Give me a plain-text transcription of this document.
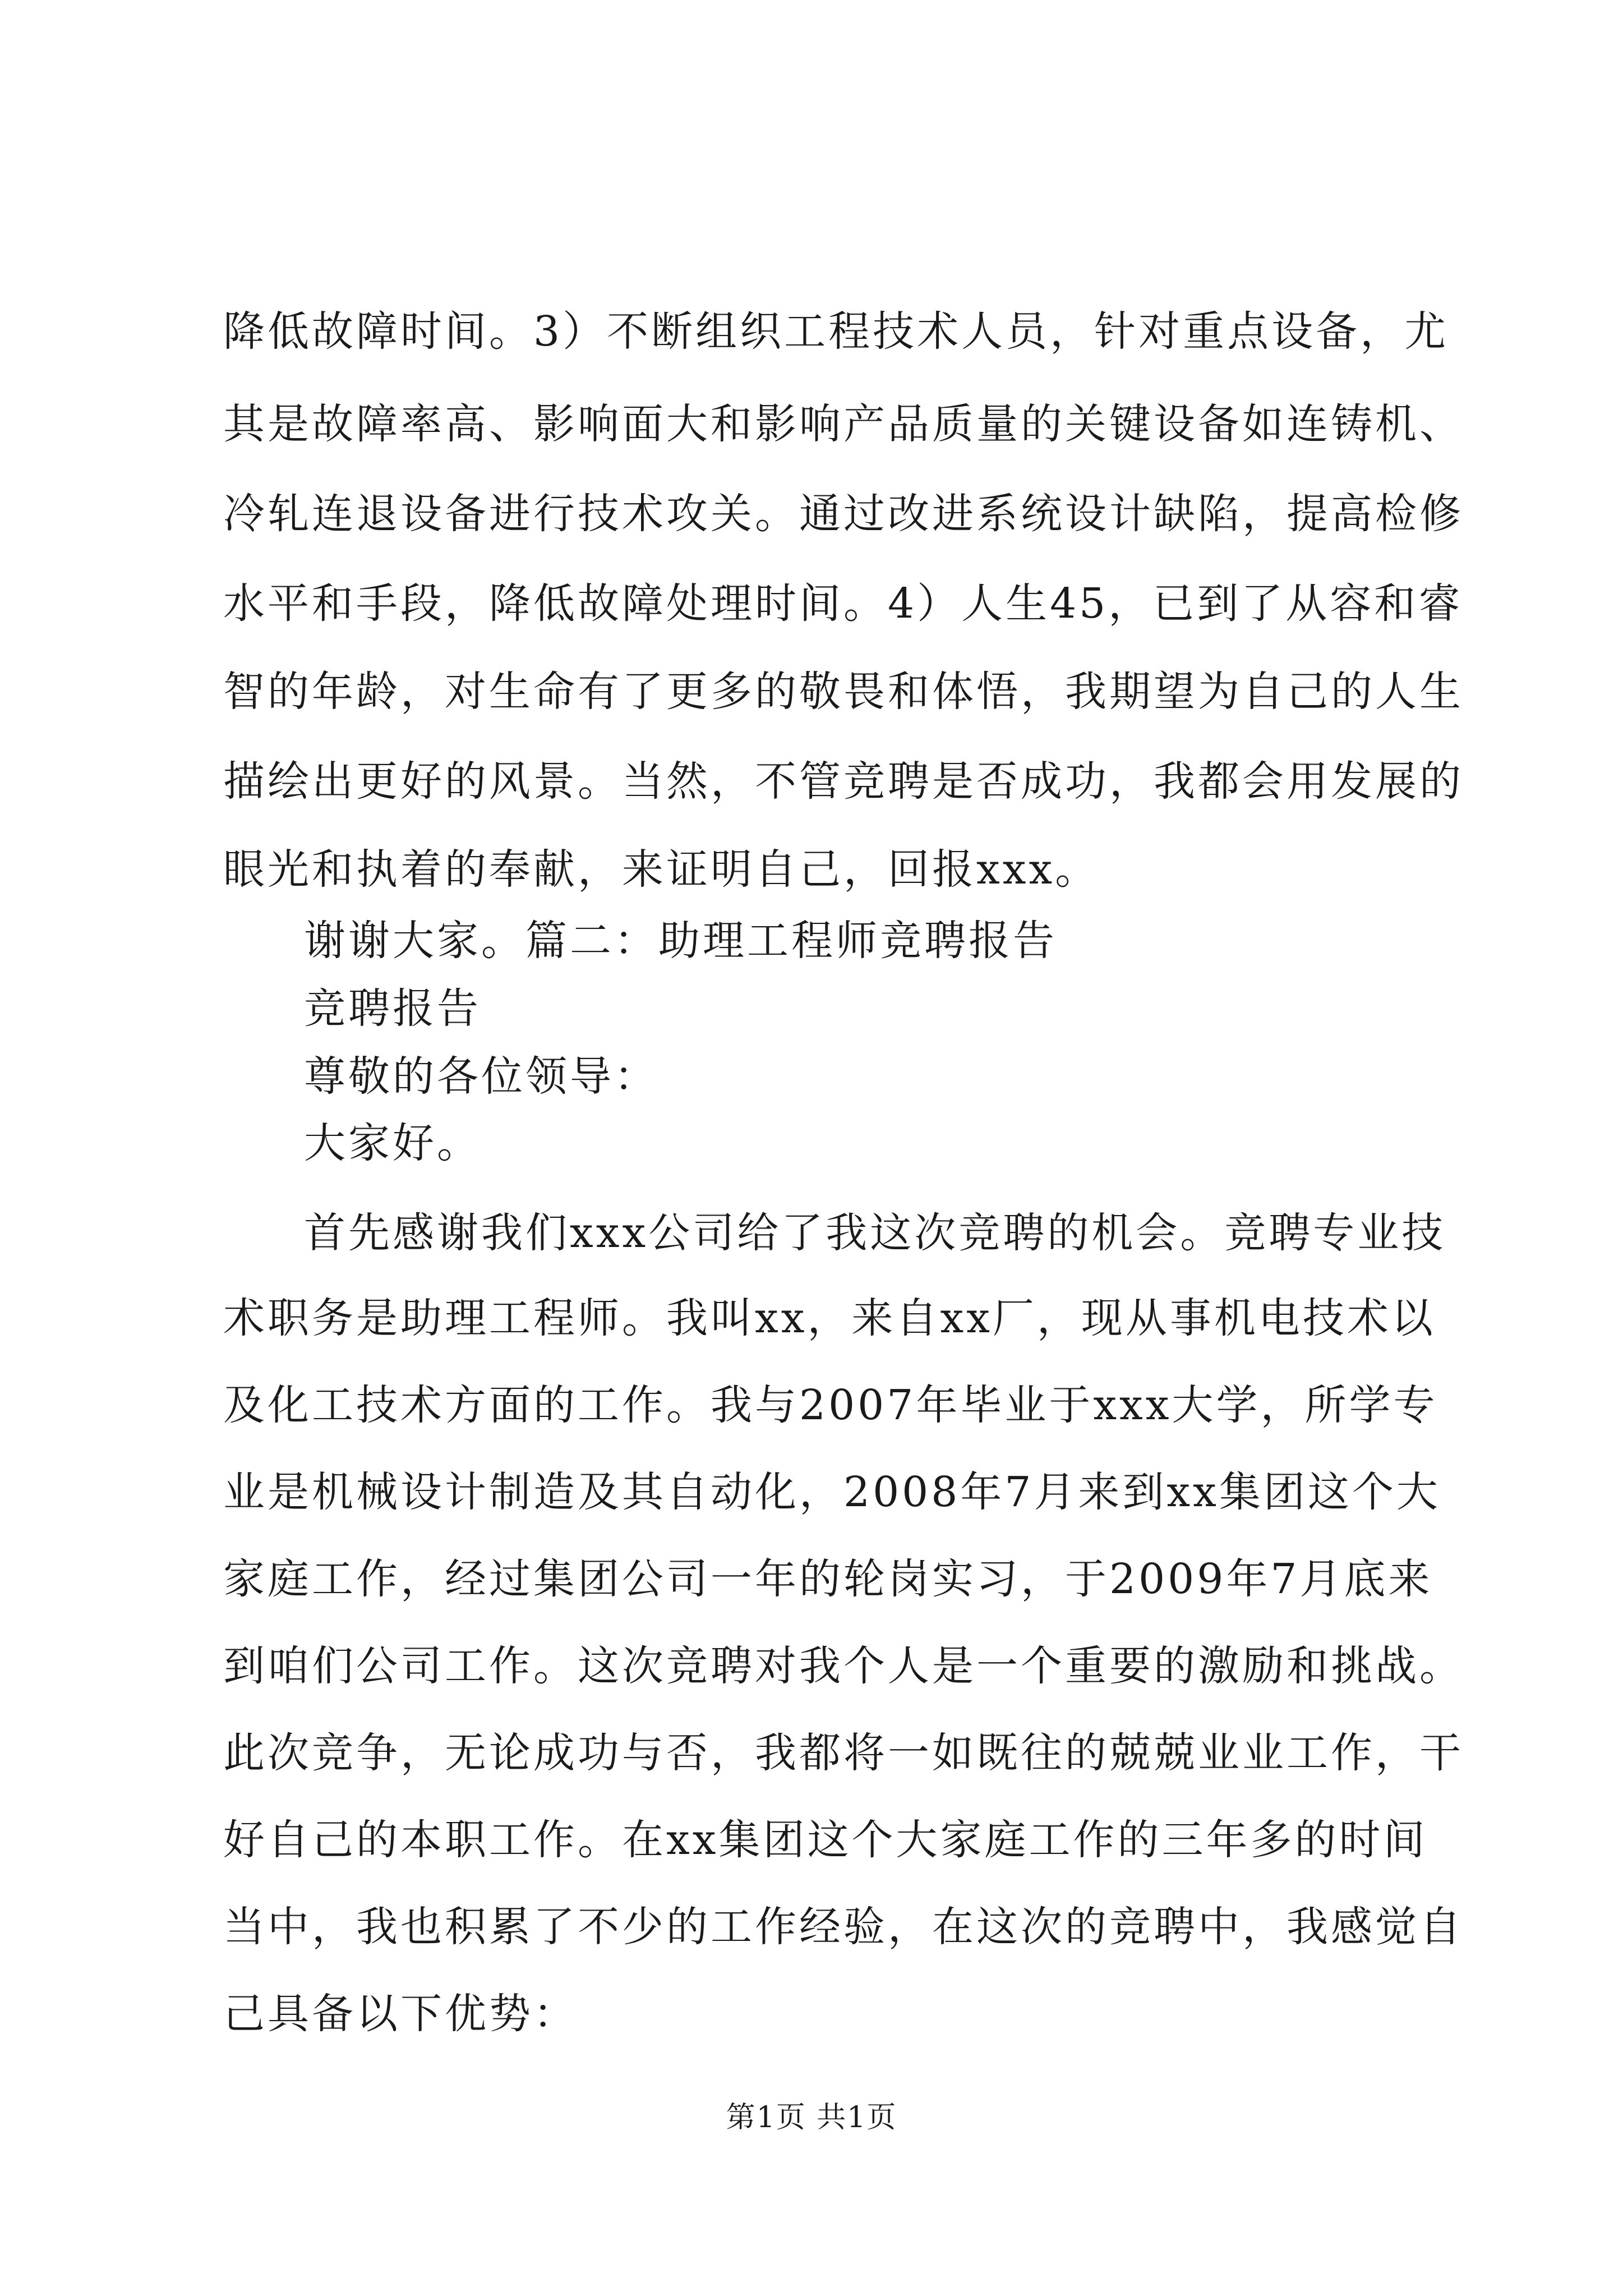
降低故障时间。3）不断组织工程技术人员，针对重点设备，尤
其是故障率高、影响面大和影响产品质量的关键设备如连铸机、
冷轧连退设备进行技术攻关。通过改进系统设计缺陷，提高检修
水平和手段，降低故障处理时间。4）人生45，已到了从容和睿
智的年龄，对生命有了更多的敬畏和体悟，我期望为自己的人生
描绘出更好的风景。当然，不管竞聘是否成功，我都会用发展的
眼光和执着的奉献，来证明自己，回报xxx。
谢谢大家。篇二：助理工程师竞聘报告
竞聘报告
尊敬的各位领导：
大家好。
首先感谢我们xxx公司给了我这次竞聘的机会。竞聘专业技
术职务是助理工程师。我叫xx，来自xx厂，现从事机电技术以
及化工技术方面的工作。我与2007年毕业于xxx大学，所学专
业是机械设计制造及其自动化，2008年7月来到xx集团这个大
家庭工作，经过集团公司一年的轮岗实习，于2009年7月底来
到咱们公司工作。这次竞聘对我个人是一个重要的激励和挑战。
此次竞争，无论成功与否，我都将一如既往的兢兢业业工作，干
好自己的本职工作。在xx集团这个大家庭工作的三年多的时间
当中，我也积累了不少的工作经验，在这次的竞聘中，我感觉自
己具备以下优势：
第1页 共1页
